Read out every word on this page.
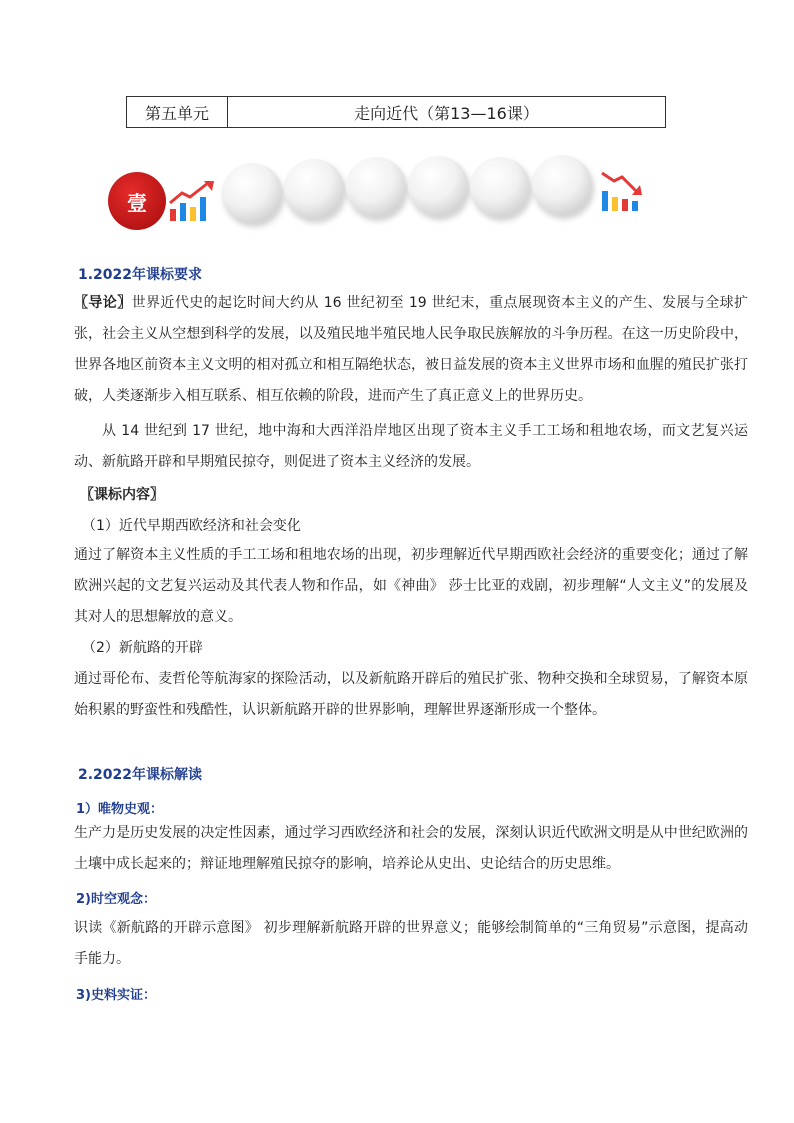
第五单元	走向近代（第13—16课）
壹
1.2022年课标要求
〖导论〗世界近代史的起讫时间大约从 16 世纪初至 19 世纪末，重点展现资本主义的产生、发展与全球扩张，社会主义从空想到科学的发展，以及殖民地半殖民地人民争取民族解放的斗争历程。在这一历史阶段中，世界各地区前资本主义文明的相对孤立和相互隔绝状态，被日益发展的资本主义世界市场和血腥的殖民扩张打破，人类逐渐步入相互联系、相互依赖的阶段，进而产生了真正意义上的世界历史。
从 14 世纪到 17 世纪，地中海和大西洋沿岸地区出现了资本主义手工工场和租地农场，而文艺复兴运动、新航路开辟和早期殖民掠夺，则促进了资本主义经济的发展。
〖课标内容〗
（1）近代早期西欧经济和社会变化
通过了解资本主义性质的手工工场和租地农场的出现，初步理解近代早期西欧社会经济的重要变化；通过了解欧洲兴起的文艺复兴运动及其代表人物和作品，如《神曲》 莎士比亚的戏剧，初步理解“人文主义”的发展及其对人的思想解放的意义。
（2）新航路的开辟
通过哥伦布、麦哲伦等航海家的探险活动，以及新航路开辟后的殖民扩张、物种交换和全球贸易，了解资本原始积累的野蛮性和残酷性，认识新航路开辟的世界影响，理解世界逐渐形成一个整体。
2.2022年课标解读
1）唯物史观：
生产力是历史发展的决定性因素，通过学习西欧经济和社会的发展，深刻认识近代欧洲文明是从中世纪欧洲的土壤中成长起来的；辩证地理解殖民掠夺的影响，培养论从史出、史论结合的历史思维。
2)时空观念：
识读《新航路的开辟示意图》 初步理解新航路开辟的世界意义；能够绘制简单的“三角贸易”示意图，提高动手能力。
3)史料实证：
